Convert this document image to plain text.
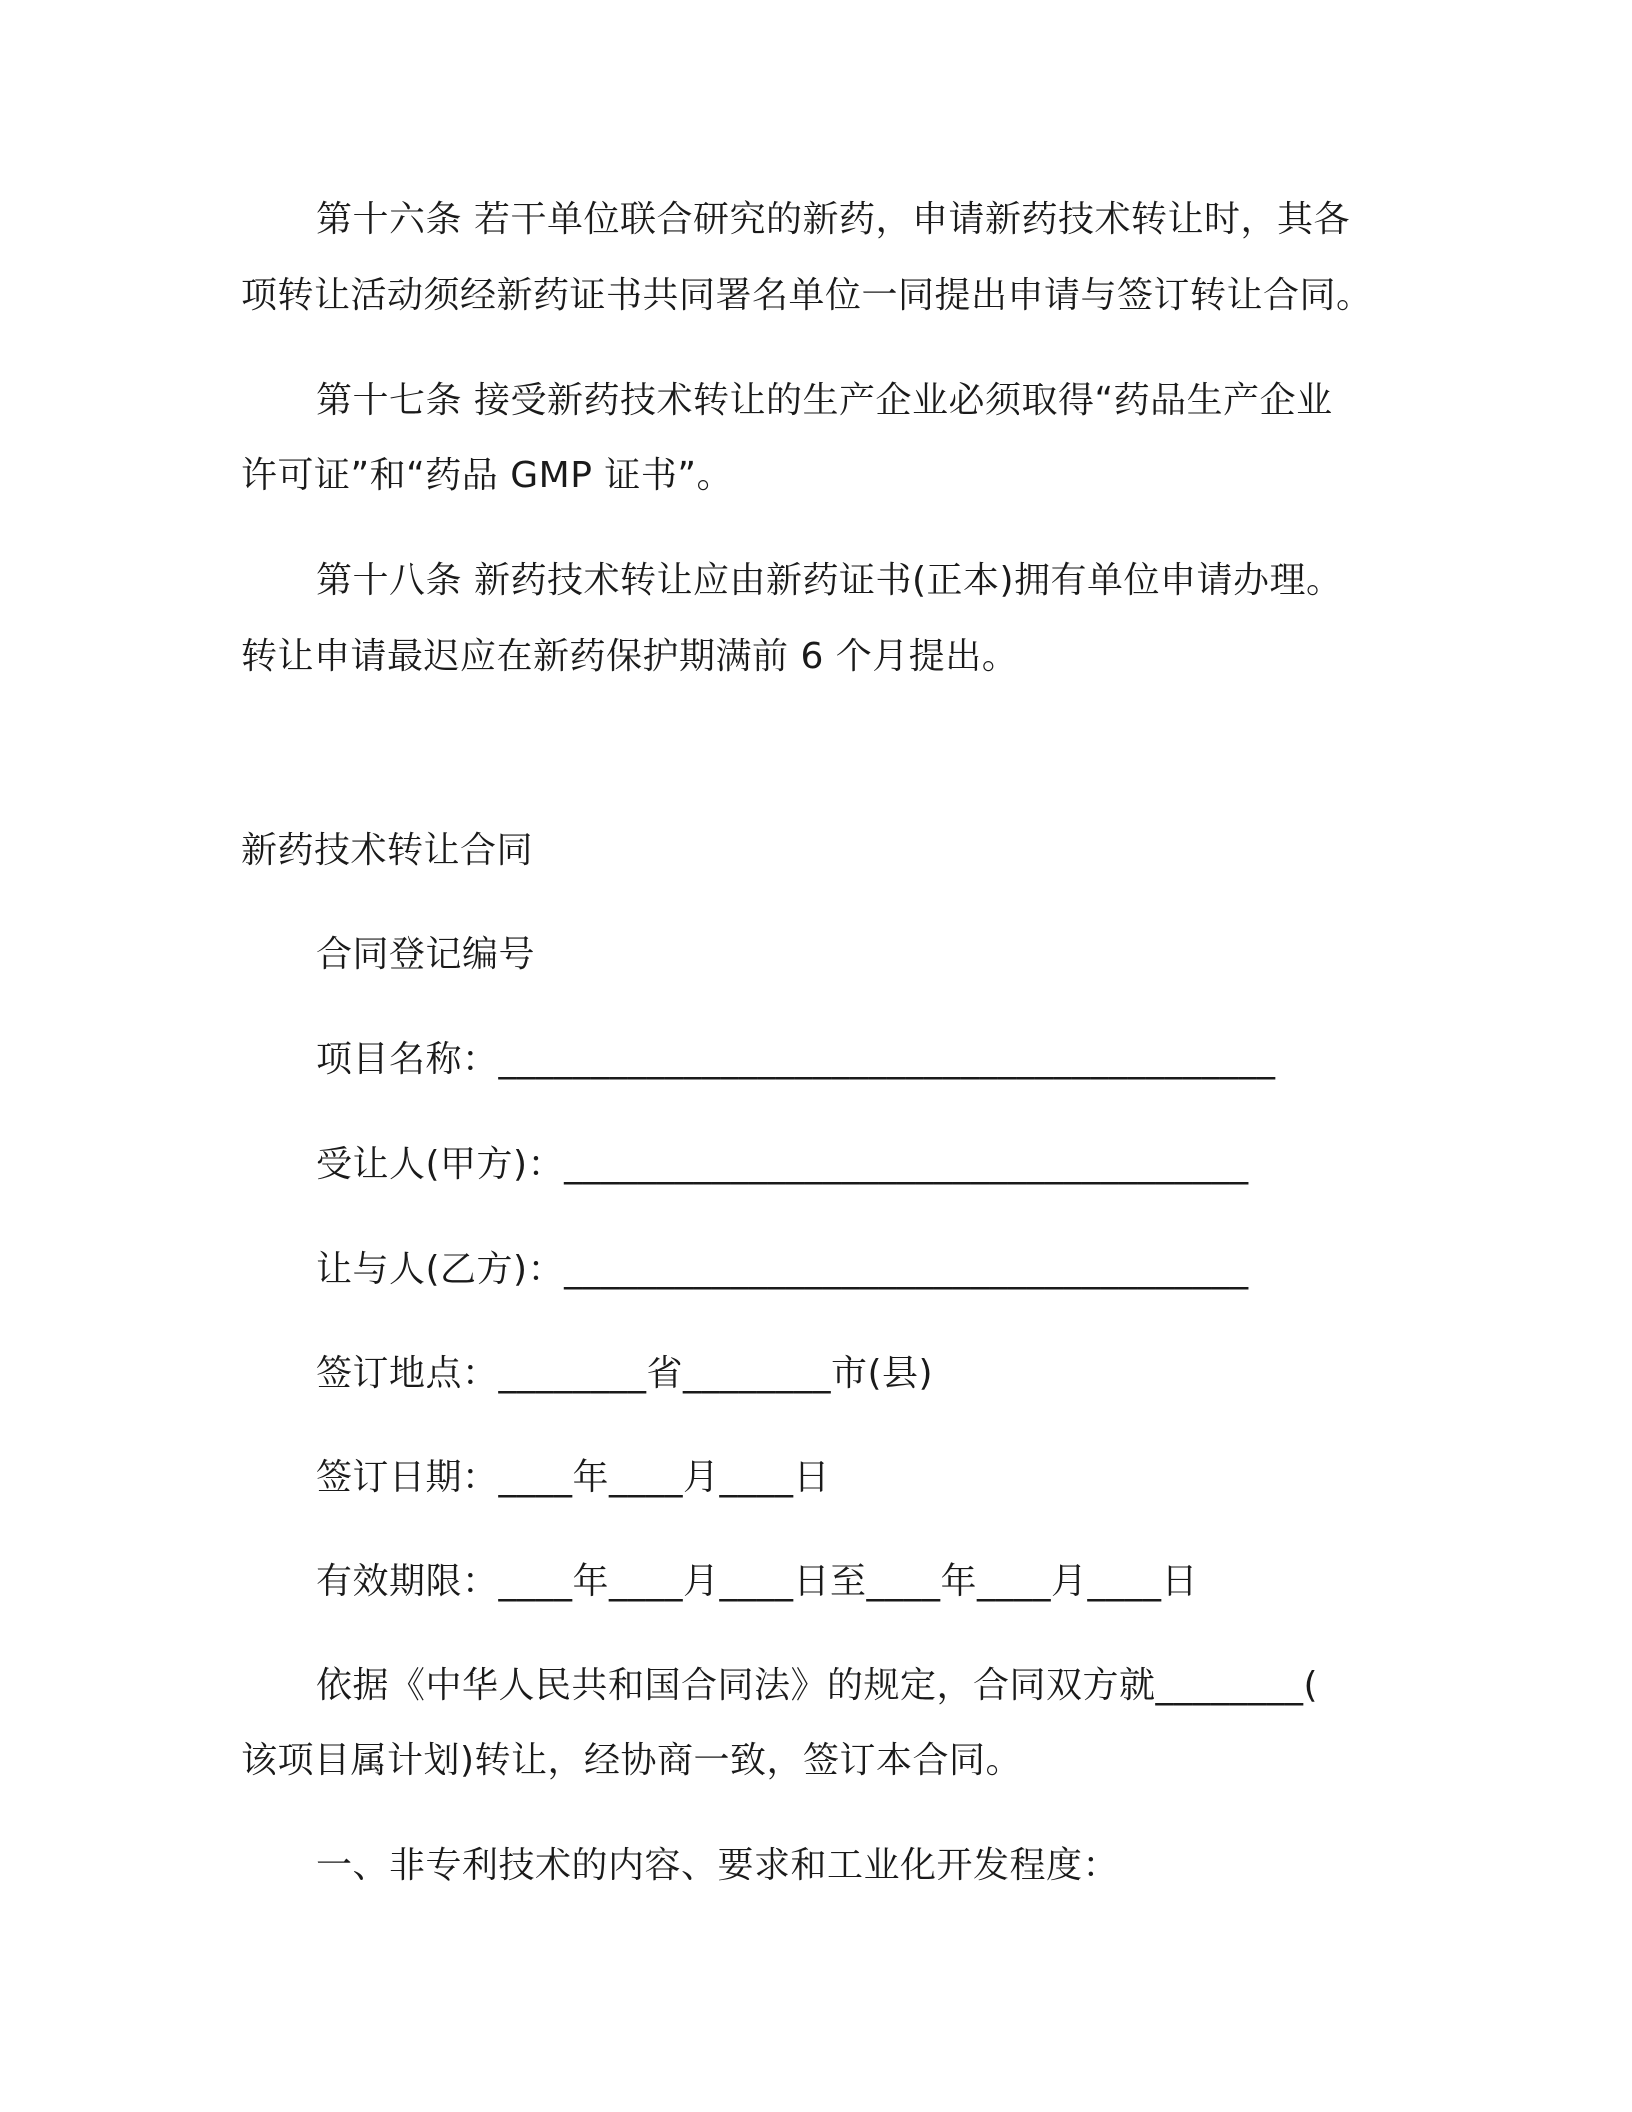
第十六条 若干单位联合研究的新药，申请新药技术转让时，其各
项转让活动须经新药证书共同署名单位一同提出申请与签订转让合同。
第十七条 接受新药技术转让的生产企业必须取得“药品生产企业
许可证”和“药品 GMP 证书”。
第十八条 新药技术转让应由新药证书(正本)拥有单位申请办理。
转让申请最迟应在新药保护期满前 6 个月提出。
新药技术转让合同
合同登记编号
项目名称：__________________________________________
受让人(甲方)：_____________________________________
让与人(乙方)：_____________________________________
签订地点：________省________市(县)
签订日期：____年____月____日
有效期限：____年____月____日至____年____月____日
依据《中华人民共和国合同法》的规定，合同双方就________(
该项目属计划)转让，经协商一致，签订本合同。
一、非专利技术的内容、要求和工业化开发程度：
